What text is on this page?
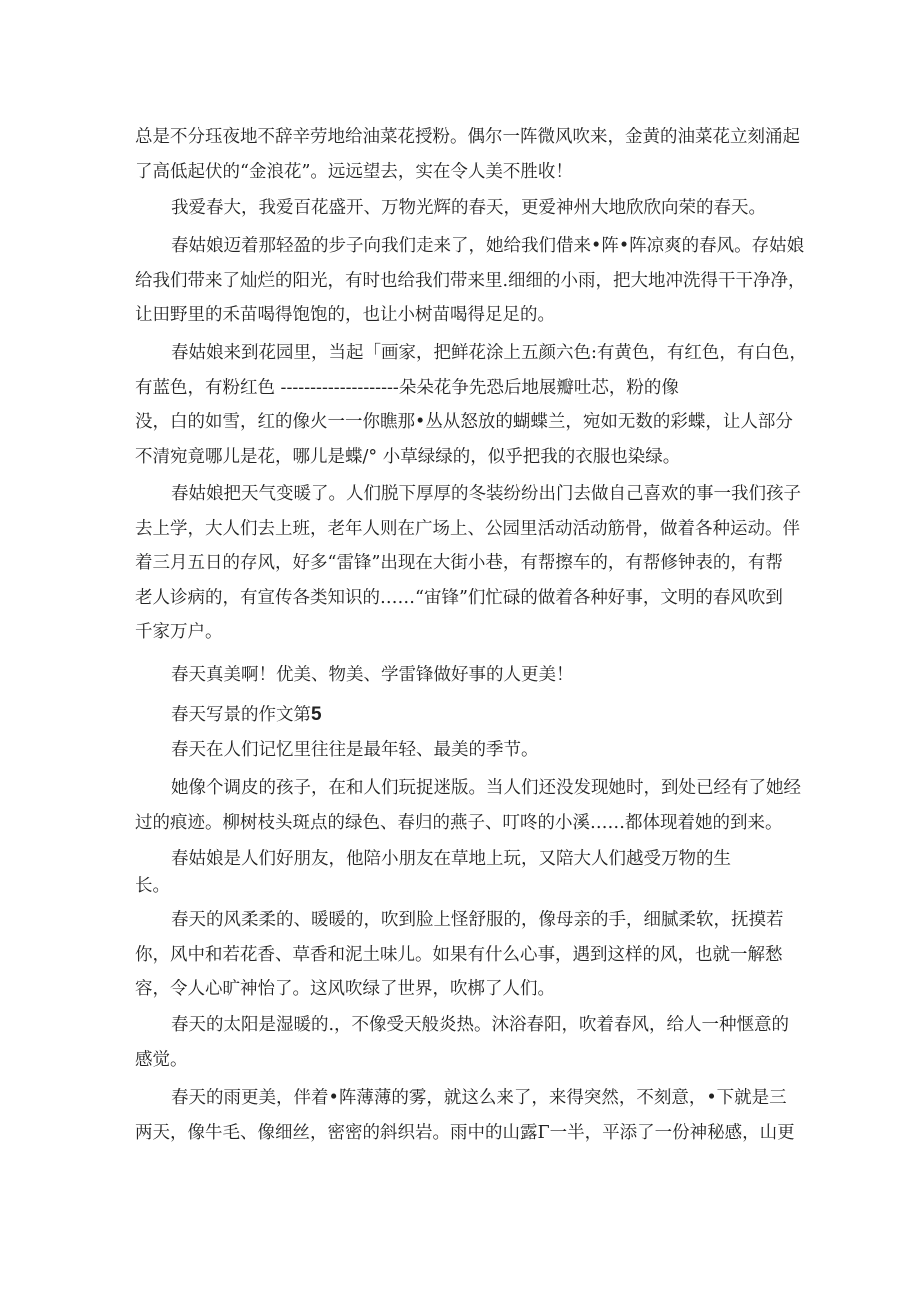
总是不分珏夜地不辞辛劳地给油菜花授粉。偶尔一阵微风吹来，金黄的油菜花立刻涌起
了高低起伏的“金浪花”。远远望去，实在令人美不胜收！
我爱春大，我爱百花盛开、万物光辉的春天，更爱神州大地欣欣向荣的春天。
春姑娘迈着那轻盈的步子向我们走来了，她给我们借来•阵•阵凉爽的春风。存姑娘
给我们带来了灿烂的阳光，有时也给我们带来里.细细的小雨，把大地冲洗得干干净净，
让田野里的禾苗喝得饱饱的，也让小树苗喝得足足的。
春姑娘来到花园里，当起「画家，把鲜花涂上五颜六色:有黄色，有红色，有白色，
有蓝色，有粉红色 --------------------朵朵花争先恐后地展瓣吐芯，粉的像
没，白的如雪，红的像火一一你瞧那•丛从怒放的蝴蝶兰，宛如无数的彩蝶，让人部分
不清宛竟哪儿是花，哪儿是蝶/° 小草绿绿的，似乎把我的衣服也染绿。
春姑娘把天气变暖了。人们脱下厚厚的冬装纷纷出门去做自己喜欢的事一我们孩子
去上学，大人们去上班，老年人则在广场上、公园里活动活动筋骨，做着各种运动。伴
着三月五日的存风，好多“雷锋”出现在大街小巷，有帮擦车的，有帮修钟表的，有帮
老人诊病的，有宣传各类知识的……“宙锋”们忙碌的做着各种好事，文明的春风吹到
千家万户。
春天真美啊！优美、物美、学雷锋做好事的人更美！
春天写景的作文第5
春天在人们记忆里往往是最年轻、最美的季节。
她像个调皮的孩子，在和人们玩捉迷版。当人们还没发现她时，到处已经有了她经
过的痕迹。柳树枝头斑点的绿色、春归的燕子、叮咚的小溪……都体现着她的到来。
春姑娘是人们好朋友，他陪小朋友在草地上玩，又陪大人们越受万物的生
长。
春天的风柔柔的、暖暖的，吹到脸上怪舒服的，像母亲的手，细腻柔软，抚摸若
你，风中和若花香、草香和泥土味儿。如果有什么心事，遇到这样的风，也就一解愁
容，令人心旷神怡了。这风吹绿了世界，吹梆了人们。
春天的太阳是湿暖的.，不像受天般炎热。沐浴春阳，吹着春风，给人一种惬意的
感觉。
春天的雨更美，伴着•阵薄薄的雾，就这么来了，来得突然，不刻意，•下就是三
两天，像牛毛、像细丝，密密的斜织岩。雨中的山露Γ一半，平添了一份神秘感，山更
